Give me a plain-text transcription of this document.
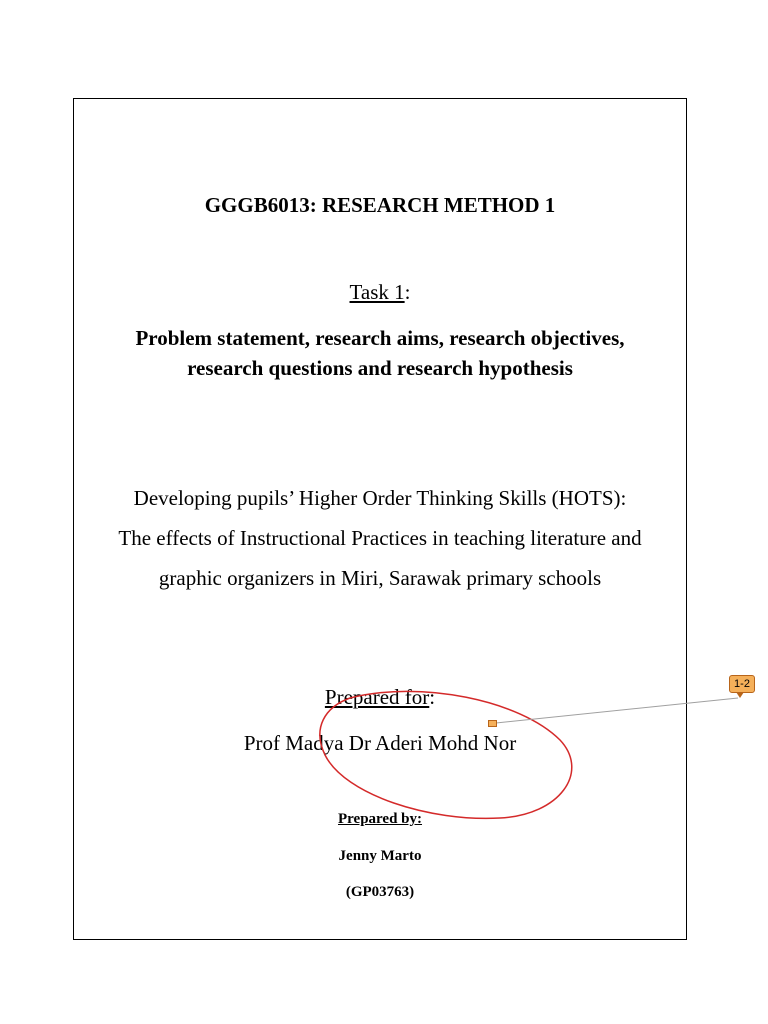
GGGB6013: RESEARCH METHOD 1
Task 1:
Problem statement, research aims, research objectives,
research questions and research hypothesis
Developing pupils’ Higher Order Thinking Skills (HOTS):
The effects of Instructional Practices in teaching literature and
graphic organizers in Miri, Sarawak primary schools
Prepared for:
Prof Madya Dr Aderi Mohd Nor
Prepared by:
Jenny Marto
(GP03763)
1-2
